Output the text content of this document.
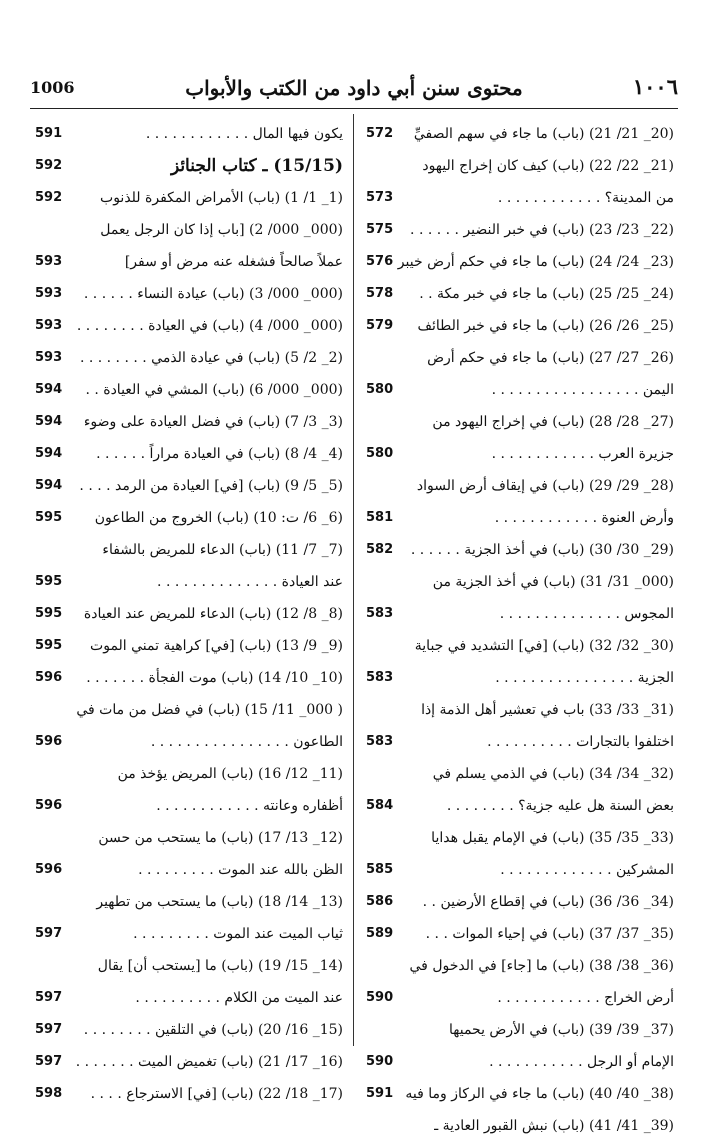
1006	محتوى سنن أبي داود من الكتب والأبواب	١٠٠٦
(20_ 21/ 21) (باب) ما جاء في سهم الصفيِّ
572
(21_ 22/ 22) (باب) كيف كان إخراج اليهود
من المدينة؟ . . . . . . . . . . . .
573
(22_ 23/ 23) (باب) في خبر النضير . . . . . .
575
(23_ 24/ 24) (باب) ما جاء في حكم أرض خيبر
576
(24_ 25/ 25) (باب) ما جاء في خبر مكة . .
578
(25_ 26/ 26) (باب) ما جاء في خبر الطائف
579
(26_ 27/ 27) (باب) ما جاء في حكم أرض
اليمن . . . . . . . . . . . . . . . . .
580
(27_ 28/ 28) (باب) في إخراج اليهود من
جزيرة العرب . . . . . . . . . . . .
580
(28_ 29/ 29) (باب) في إيقاف أرض السواد
وأرض العنوة . . . . . . . . . . . .
581
(29_ 30/ 30) (باب) في أخذ الجزية . . . . . .
582
(000_ 31/ 31) (باب) في أخذ الجزية من
المجوس . . . . . . . . . . . . . .
583
(30_ 32/ 32) (باب) [في] التشديد في جباية
الجزية . . . . . . . . . . . . . . . .
583
(31_ 33/ 33) باب في تعشير أهل الذمة إذا
اختلفوا بالتجارات . . . . . . . . . .
583
(32_ 34/ 34) (باب) في الذمي يسلم في
بعض السنة هل عليه جزية؟ . . . . . . . .
584
(33_ 35/ 35) (باب) في الإمام يقبل هدايا
المشركين . . . . . . . . . . . . .
585
(34_ 36/ 36) (باب) في إقطاع الأرضين . .
586
(35_ 37/ 37) (باب) في إحياء الموات . . .
589
(36_ 38/ 38) (باب) ما [جاء] في الدخول في
أرض الخراج . . . . . . . . . . . .
590
(37_ 39/ 39) (باب) في الأرض يحميها
الإمام أو الرجل . . . . . . . . . . .
590
(38_ 40/ 40) (باب) ما جاء في الركاز وما فيه
591
(39_ 41/ 41) (باب) نبش القبور العادية ـ
يكون فيها المال . . . . . . . . . . . .
591
(15/15) ـ كتاب الجنائز
592
(1_ 1/ 1) (باب) الأمراض المكفرة للذنوب
592
(000_ 000/ 2) [باب إذا كان الرجل يعمل
عملاً صالحاً فشغله عنه مرض أو سفر]
593
(000_ 000/ 3) (باب) عيادة النساء . . . . . .
593
(000_ 000/ 4) (باب) في العيادة . . . . . . . .
593
(2_ 2/ 5) (باب) في عيادة الذمي . . . . . . . .
593
(000_ 000/ 6) (باب) المشي في العيادة . .
594
(3_ 3/ 7) (باب) في فضل العيادة على وضوء
594
(4_ 4/ 8) (باب) في العيادة مراراً . . . . . .
594
(5_ 5/ 9) (باب) [في] العيادة من الرمد . . . .
594
(6_ 6/ ت: 10) (باب) الخروج من الطاعون
595
(7_ 7/ 11) (باب) الدعاء للمريض بالشفاء
عند العيادة . . . . . . . . . . . . . .
595
(8_ 8/ 12) (باب) الدعاء للمريض عند العيادة
595
(9_ 9/ 13) (باب) [في] كراهية تمني الموت
595
(10_ 10/ 14) (باب) موت الفجأة . . . . . . .
596
( 000_ 11/ 15) (باب) في فضل من مات في
الطاعون . . . . . . . . . . . . . . . .
596
(11_ 12/ 16) (باب) المريض يؤخذ من
أظفاره وعانته . . . . . . . . . . . .
596
(12_ 13/ 17) (باب) ما يستحب من حسن
الظن بالله عند الموت . . . . . . . . .
596
(13_ 14/ 18) (باب) ما يستحب من تطهير
ثياب الميت عند الموت . . . . . . . . .
597
(14_ 15/ 19) (باب) ما [يستحب أن] يقال
عند الميت من الكلام . . . . . . . . . .
597
(15_ 16/ 20) (باب) في التلقين . . . . . . . .
597
(16_ 17/ 21) (باب) تغميض الميت . . . . . . .
597
(17_ 18/ 22) (باب) [في] الاسترجاع . . . .
598
